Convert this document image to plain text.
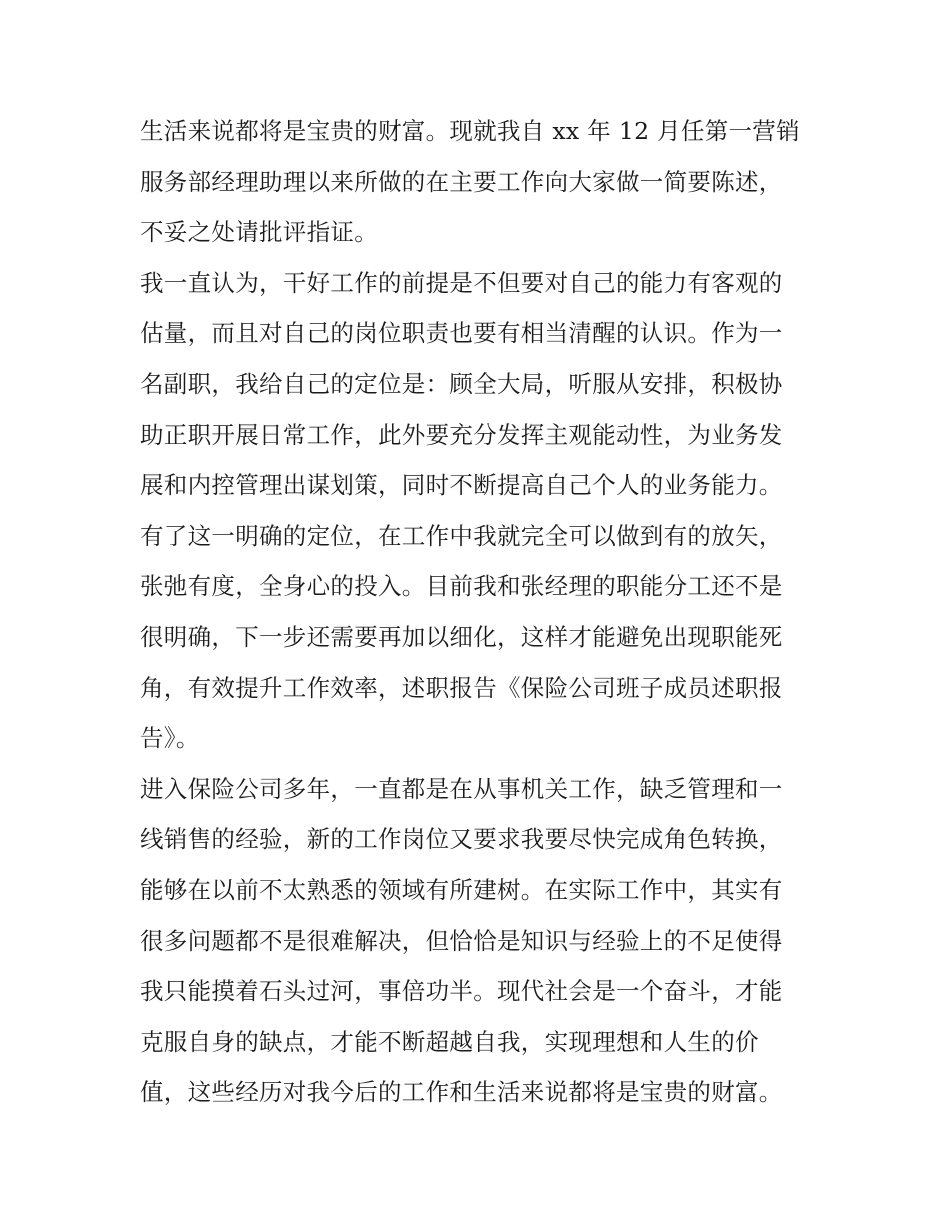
生活来说都将是宝贵的财富。现就我自 xx 年 12 月任第一营销
服务部经理助理以来所做的在主要工作向大家做一简要陈述，
不妥之处请批评指证。
我一直认为，干好工作的前提是不但要对自己的能力有客观的
估量，而且对自己的岗位职责也要有相当清醒的认识。作为一
名副职，我给自己的定位是：顾全大局，听服从安排，积极协
助正职开展日常工作，此外要充分发挥主观能动性，为业务发
展和内控管理出谋划策，同时不断提高自己个人的业务能力。
有了这一明确的定位，在工作中我就完全可以做到有的放矢，
张弛有度，全身心的投入。目前我和张经理的职能分工还不是
很明确，下一步还需要再加以细化，这样才能避免出现职能死
角，有效提升工作效率，述职报告《保险公司班子成员述职报
告》。
进入保险公司多年，一直都是在从事机关工作，缺乏管理和一
线销售的经验，新的工作岗位又要求我要尽快完成角色转换，
能够在以前不太熟悉的领域有所建树。在实际工作中，其实有
很多问题都不是很难解决，但恰恰是知识与经验上的不足使得
我只能摸着石头过河，事倍功半。现代社会是一个奋斗，才能
克服自身的缺点，才能不断超越自我，实现理想和人生的价
值，这些经历对我今后的工作和生活来说都将是宝贵的财富。
